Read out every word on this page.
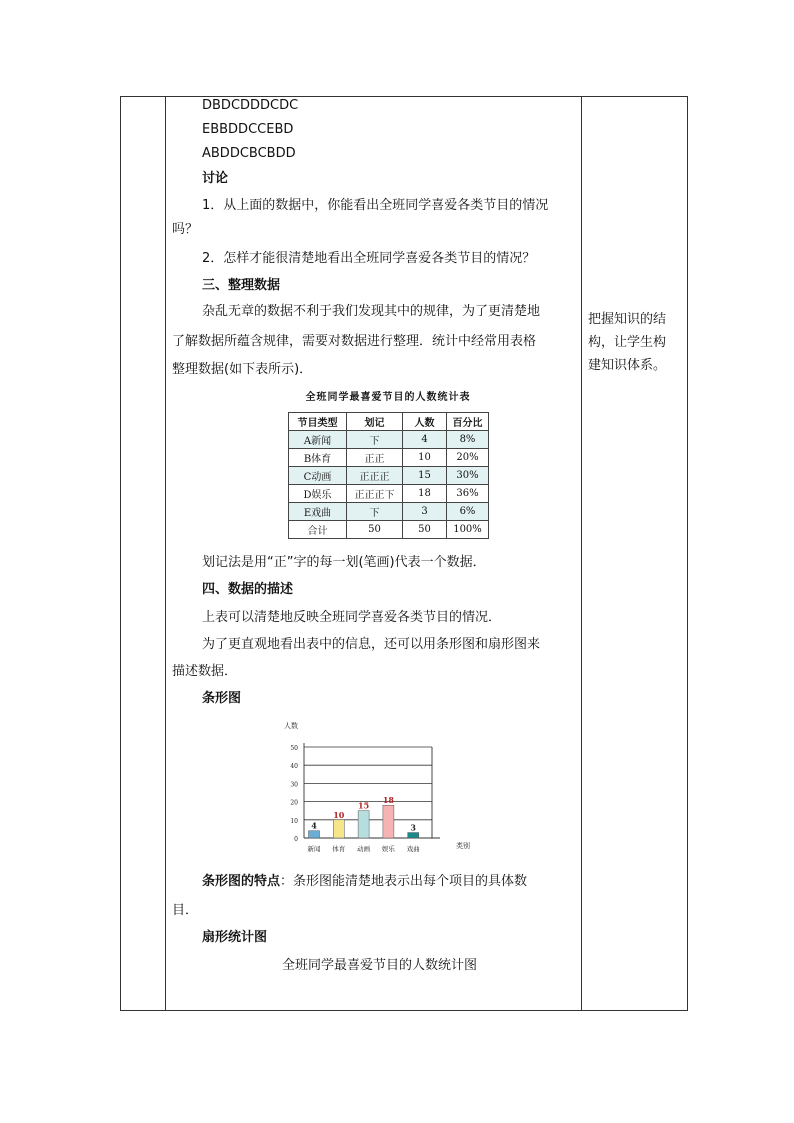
DBDCDDDCDC
EBBDDCCEBD
ABDDCBCBDD
讨论
1．从上面的数据中，你能看出全班同学喜爱各类节目的情况
吗？
2．怎样才能很清楚地看出全班同学喜爱各类节目的情况？
三、整理数据
杂乱无章的数据不利于我们发现其中的规律，为了更清楚地
了解数据所蕴含规律，需要对数据进行整理．统计中经常用表格
整理数据(如下表所示)．
全班同学最喜爱节目的人数统计表
节目类型	划记	人数	百分比
A新闻	下	4	8%
B体育	正正	10	20%
C动画	正正正	15	30%
D娱乐	正正正下	18	36%
E戏曲	下	3	6%
合计	50	50	100%
划记法是用“正”字的每一划(笔画)代表一个数据．
四、数据的描述
上表可以清楚地反映全班同学喜爱各类节目的情况．
为了更直观地看出表中的信息，还可以用条形图和扇形图来
描述数据．
条形图
0
10
20
30
40
50
人数
类别
4
新闻
10
体育
15
动画
18
娱乐
3
戏曲
条形图的特点：条形图能清楚地表示出每个项目的具体数
目．
扇形统计图
全班同学最喜爱节目的人数统计图
把握知识的结
构，让学生构
建知识体系。
